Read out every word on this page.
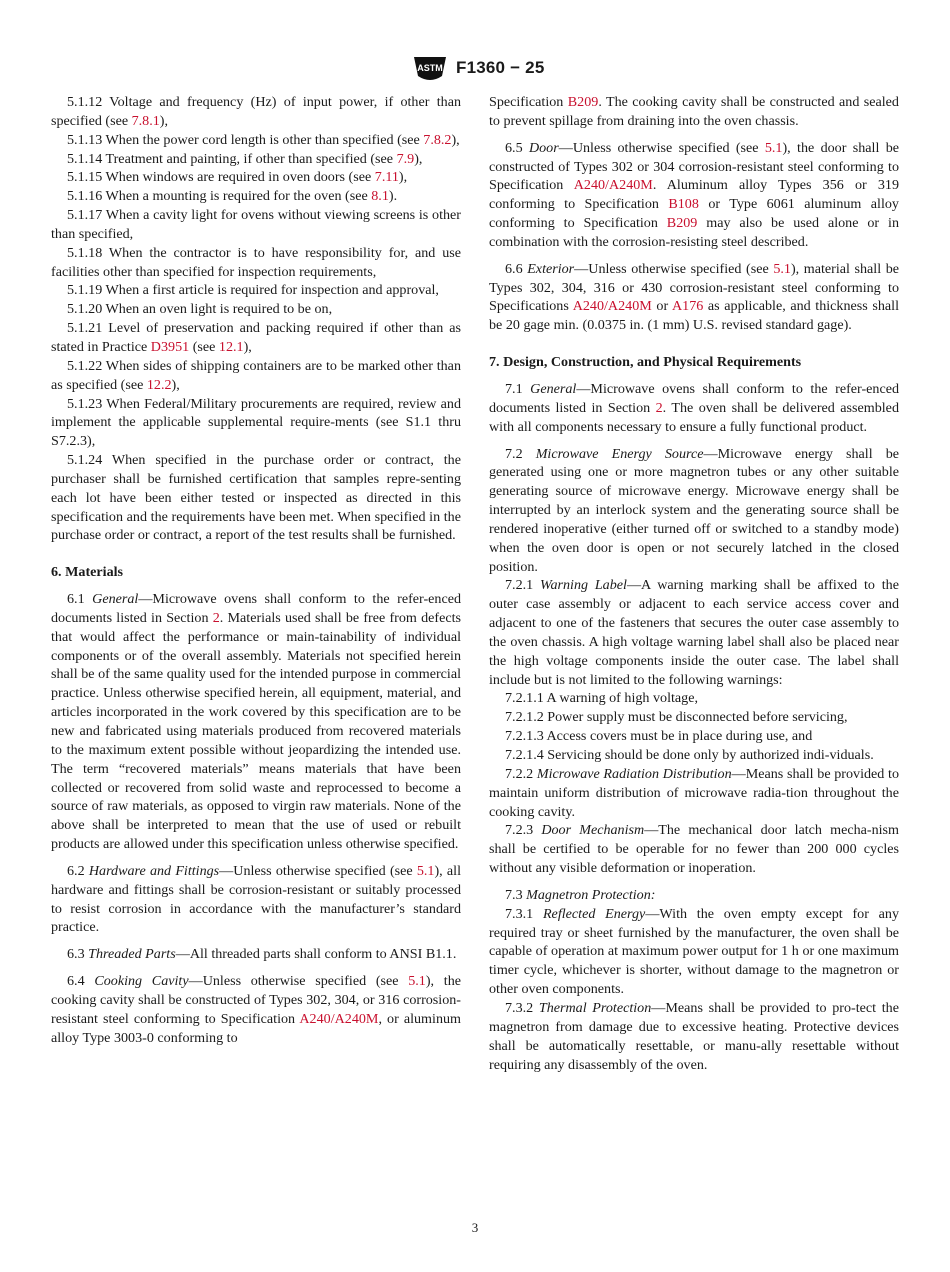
ASTM F1360 − 25

5.1.12 Voltage and frequency (Hz) of input power, if other than specified (see 7.8.1),

5.1.13 When the power cord length is other than specified (see 7.8.2),

5.1.14 Treatment and painting, if other than specified (see 7.9),

5.1.15 When windows are required in oven doors (see 7.11),

5.1.16 When a mounting is required for the oven (see 8.1).

5.1.17 When a cavity light for ovens without viewing screens is other than specified,

5.1.18 When the contractor is to have responsibility for, and use facilities other than specified for inspection requirements,

5.1.19 When a first article is required for inspection and approval,

5.1.20 When an oven light is required to be on,

5.1.21 Level of preservation and packing required if other than as stated in Practice D3951 (see 12.1),

5.1.22 When sides of shipping containers are to be marked other than as specified (see 12.2),

5.1.23 When Federal/Military procurements are required, review and implement the applicable supplemental require-ments (see S1.1 thru S7.2.3),

5.1.24 When specified in the purchase order or contract, the purchaser shall be furnished certification that samples repre-senting each lot have been either tested or inspected as directed in this specification and the requirements have been met. When specified in the purchase order or contract, a report of the test results shall be furnished.

6. Materials

6.1 General—Microwave ovens shall conform to the refer-enced documents listed in Section 2. Materials used shall be free from defects that would affect the performance or main-tainability of individual components or of the overall assembly. Materials not specified herein shall be of the same quality used for the intended purpose in commercial practice. Unless otherwise specified herein, all equipment, material, and articles incorporated in the work covered by this specification are to be new and fabricated using materials produced from recovered materials to the maximum extent possible without jeopardizing the intended use. The term “recovered materials” means materials that have been collected or recovered from solid waste and reprocessed to become a source of raw materials, as opposed to virgin raw materials. None of the above shall be interpreted to mean that the use of used or rebuilt products are allowed under this specification unless otherwise specified.

6.2 Hardware and Fittings—Unless otherwise specified (see 5.1), all hardware and fittings shall be corrosion-resistant or suitably processed to resist corrosion in accordance with the manufacturer’s standard practice.

6.3 Threaded Parts—All threaded parts shall conform to ANSI B1.1.

6.4 Cooking Cavity—Unless otherwise specified (see 5.1), the cooking cavity shall be constructed of Types 302, 304, or 316 corrosion-resistant steel conforming to Specification A240/A240M, or aluminum alloy Type 3003-0 conforming to

Specification B209. The cooking cavity shall be constructed and sealed to prevent spillage from draining into the oven chassis.

6.5 Door—Unless otherwise specified (see 5.1), the door shall be constructed of Types 302 or 304 corrosion-resistant steel conforming to Specification A240/A240M. Aluminum alloy Types 356 or 319 conforming to Specification B108 or Type 6061 aluminum alloy conforming to Specification B209 may also be used alone or in combination with the corrosion-resisting steel described.

6.6 Exterior—Unless otherwise specified (see 5.1), material shall be Types 302, 304, 316 or 430 corrosion-resistant steel conforming to Specifications A240/A240M or A176 as applicable, and thickness shall be 20 gage min. (0.0375 in. (1 mm) U.S. revised standard gage).

7. Design, Construction, and Physical Requirements

7.1 General—Microwave ovens shall conform to the refer-enced documents listed in Section 2. The oven shall be delivered assembled with all components necessary to ensure a fully functional product.

7.2 Microwave Energy Source—Microwave energy shall be generated using one or more magnetron tubes or any other suitable generating source of microwave energy. Microwave energy shall be interrupted by an interlock system and the generating source shall be rendered inoperative (either turned off or switched to a standby mode) when the oven door is open or not securely latched in the closed position.

7.2.1 Warning Label—A warning marking shall be affixed to the outer case assembly or adjacent to each service access cover and adjacent to one of the fasteners that secures the outer case assembly to the oven chassis. A high voltage warning label shall also be placed near the high voltage components inside the outer case. The label shall include but is not limited to the following warnings:

7.2.1.1 A warning of high voltage,

7.2.1.2 Power supply must be disconnected before servicing,

7.2.1.3 Access covers must be in place during use, and

7.2.1.4 Servicing should be done only by authorized indi-viduals.

7.2.2 Microwave Radiation Distribution—Means shall be provided to maintain uniform distribution of microwave radia-tion throughout the cooking cavity.

7.2.3 Door Mechanism—The mechanical door latch mecha-nism shall be certified to be operable for no fewer than 200 000 cycles without any visible deformation or inoperation.

7.3 Magnetron Protection:

7.3.1 Reflected Energy—With the oven empty except for any required tray or sheet furnished by the manufacturer, the oven shall be capable of operation at maximum power output for 1 h or one maximum timer cycle, whichever is shorter, without damage to the magnetron or other oven components.

7.3.2 Thermal Protection—Means shall be provided to pro-tect the magnetron from damage due to excessive heating. Protective devices shall be automatically resettable, or manu-ally resettable without requiring any disassembly of the oven.

3
